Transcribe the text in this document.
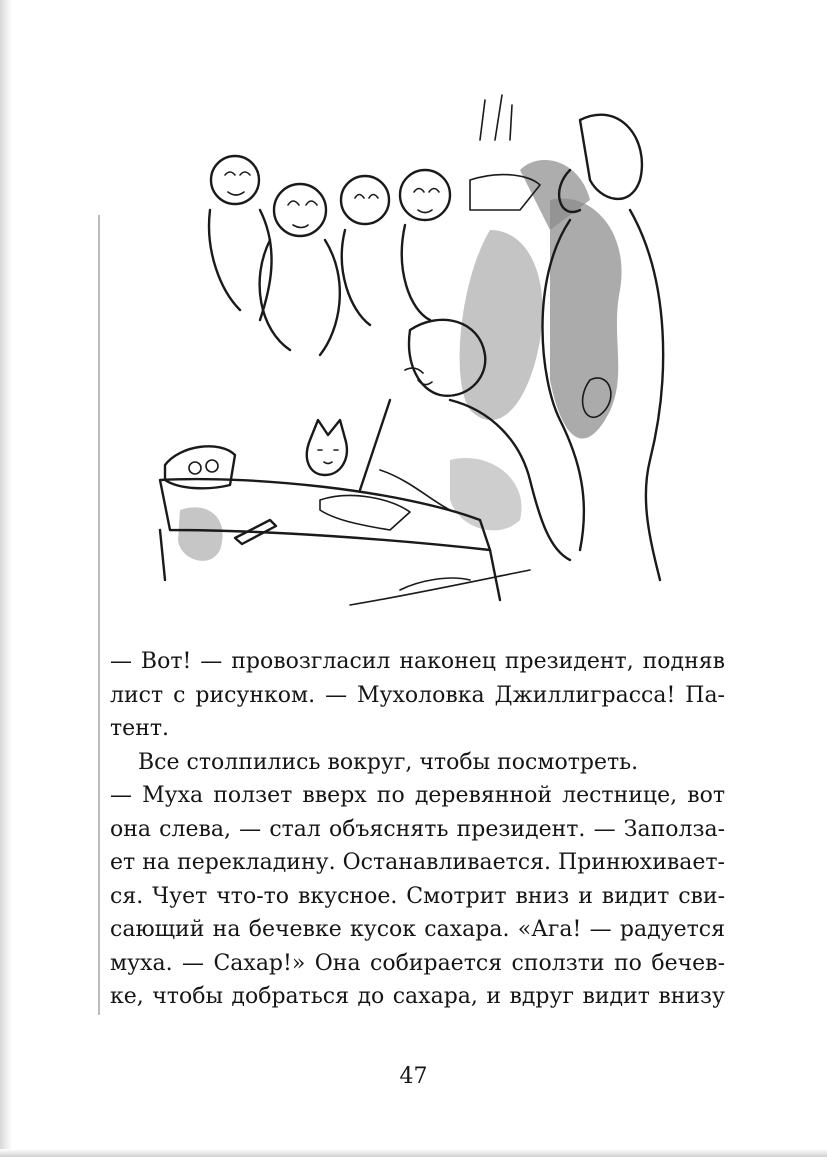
— Вот! — провозгласил наконец президент, подняв
лист с рисунком. — Мухоловка Джиллиграсса! Па-
тент.
Все столпились вокруг, чтобы посмотреть.
— Муха ползет вверх по деревянной лестнице, вот
она слева, — стал объяснять президент. — Заполза-
ет на перекладину. Останавливается. Принюхивает-
ся. Чует что-то вкусное. Смотрит вниз и видит сви-
сающий на бечевке кусок сахара. «Ага! — радуется
муха. — Сахар!» Она собирается сползти по бечев-
ке, чтобы добраться до сахара, и вдруг видит внизу
47
